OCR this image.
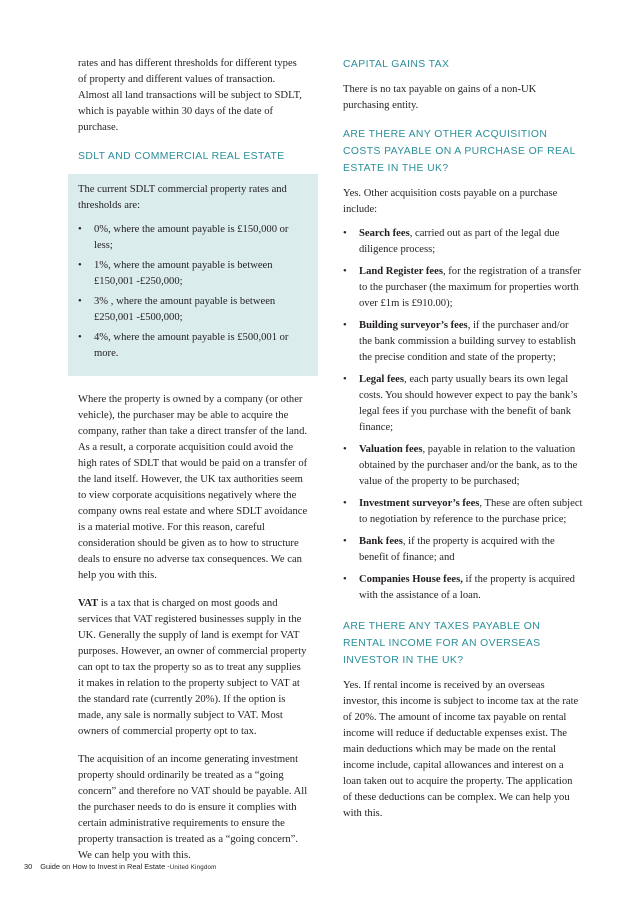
rates and has different thresholds for different types of property and different values of transaction. Almost all land transactions will be subject to SDLT, which is payable within 30 days of the date of purchase.

SDLT AND COMMERCIAL REAL ESTATE

The current SDLT commercial property rates and thresholds are:

• 0%, where the amount payable is £150,000 or less;
• 1%, where the amount payable is between £150,001 -£250,000;
• 3% , where the amount payable is between £250,001 -£500,000;
• 4%, where the amount payable is £500,001 or more.

Where the property is owned by a company (or other vehicle), the purchaser may be able to acquire the company, rather than take a direct transfer of the land. As a result, a corporate acquisition could avoid the high rates of SDLT that would be paid on a transfer of the land itself. However, the UK tax authorities seem to view corporate acquisitions negatively where the company owns real estate and where SDLT avoidance is a material motive. For this reason, careful consideration should be given as to how to structure deals to ensure no adverse tax consequences. We can help you with this.

VAT is a tax that is charged on most goods and services that VAT registered businesses supply in the UK. Generally the supply of land is exempt for VAT purposes. However, an owner of commercial property can opt to tax the property so as to treat any supplies it makes in relation to the property subject to VAT at the standard rate (currently 20%). If the option is made, any sale is normally subject to VAT. Most owners of commercial property opt to tax.

The acquisition of an income generating investment property should ordinarily be treated as a “going concern” and therefore no VAT should be payable. All the purchaser needs to do is ensure it complies with certain administrative requirements to ensure the property transaction is treated as a “going concern”. We can help you with this.

CAPITAL GAINS TAX

There is no tax payable on gains of a non-UK purchasing entity.

ARE THERE ANY OTHER ACQUISITION COSTS PAYABLE ON A PURCHASE OF REAL ESTATE IN THE UK?

Yes. Other acquisition costs payable on a purchase include:

• Search fees, carried out as part of the legal due diligence process;
• Land Register fees, for the registration of a transfer to the purchaser (the maximum for properties worth over £1m is £910.00);
• Building surveyor’s fees, if the purchaser and/or the bank commission a building survey to establish the precise condition and state of the property;
• Legal fees, each party usually bears its own legal costs. You should however expect to pay the bank’s legal fees if you purchase with the benefit of bank finance;
• Valuation fees, payable in relation to the valuation obtained by the purchaser and/or the bank, as to the value of the property to be purchased;
• Investment surveyor’s fees, These are often subject to negotiation by reference to the purchase price;
• Bank fees, if the property is acquired with the benefit of finance; and
• Companies House fees, if the property is acquired with the assistance of a loan.
ARE THERE ANY TAXES PAYABLE ON RENTAL INCOME FOR AN OVERSEAS INVESTOR IN THE UK?

Yes. If rental income is received by an overseas investor, this income is subject to income tax at the rate of 20%. The amount of income tax payable on rental income will reduce if deductable expenses exist. The main deductions which may be made on the rental income include, capital allowances and interest on a loan taken out to acquire the property. The application of these deductions can be complex. We can help you with this.

30 Guide on How to Invest in Real Estate -United Kingdom
